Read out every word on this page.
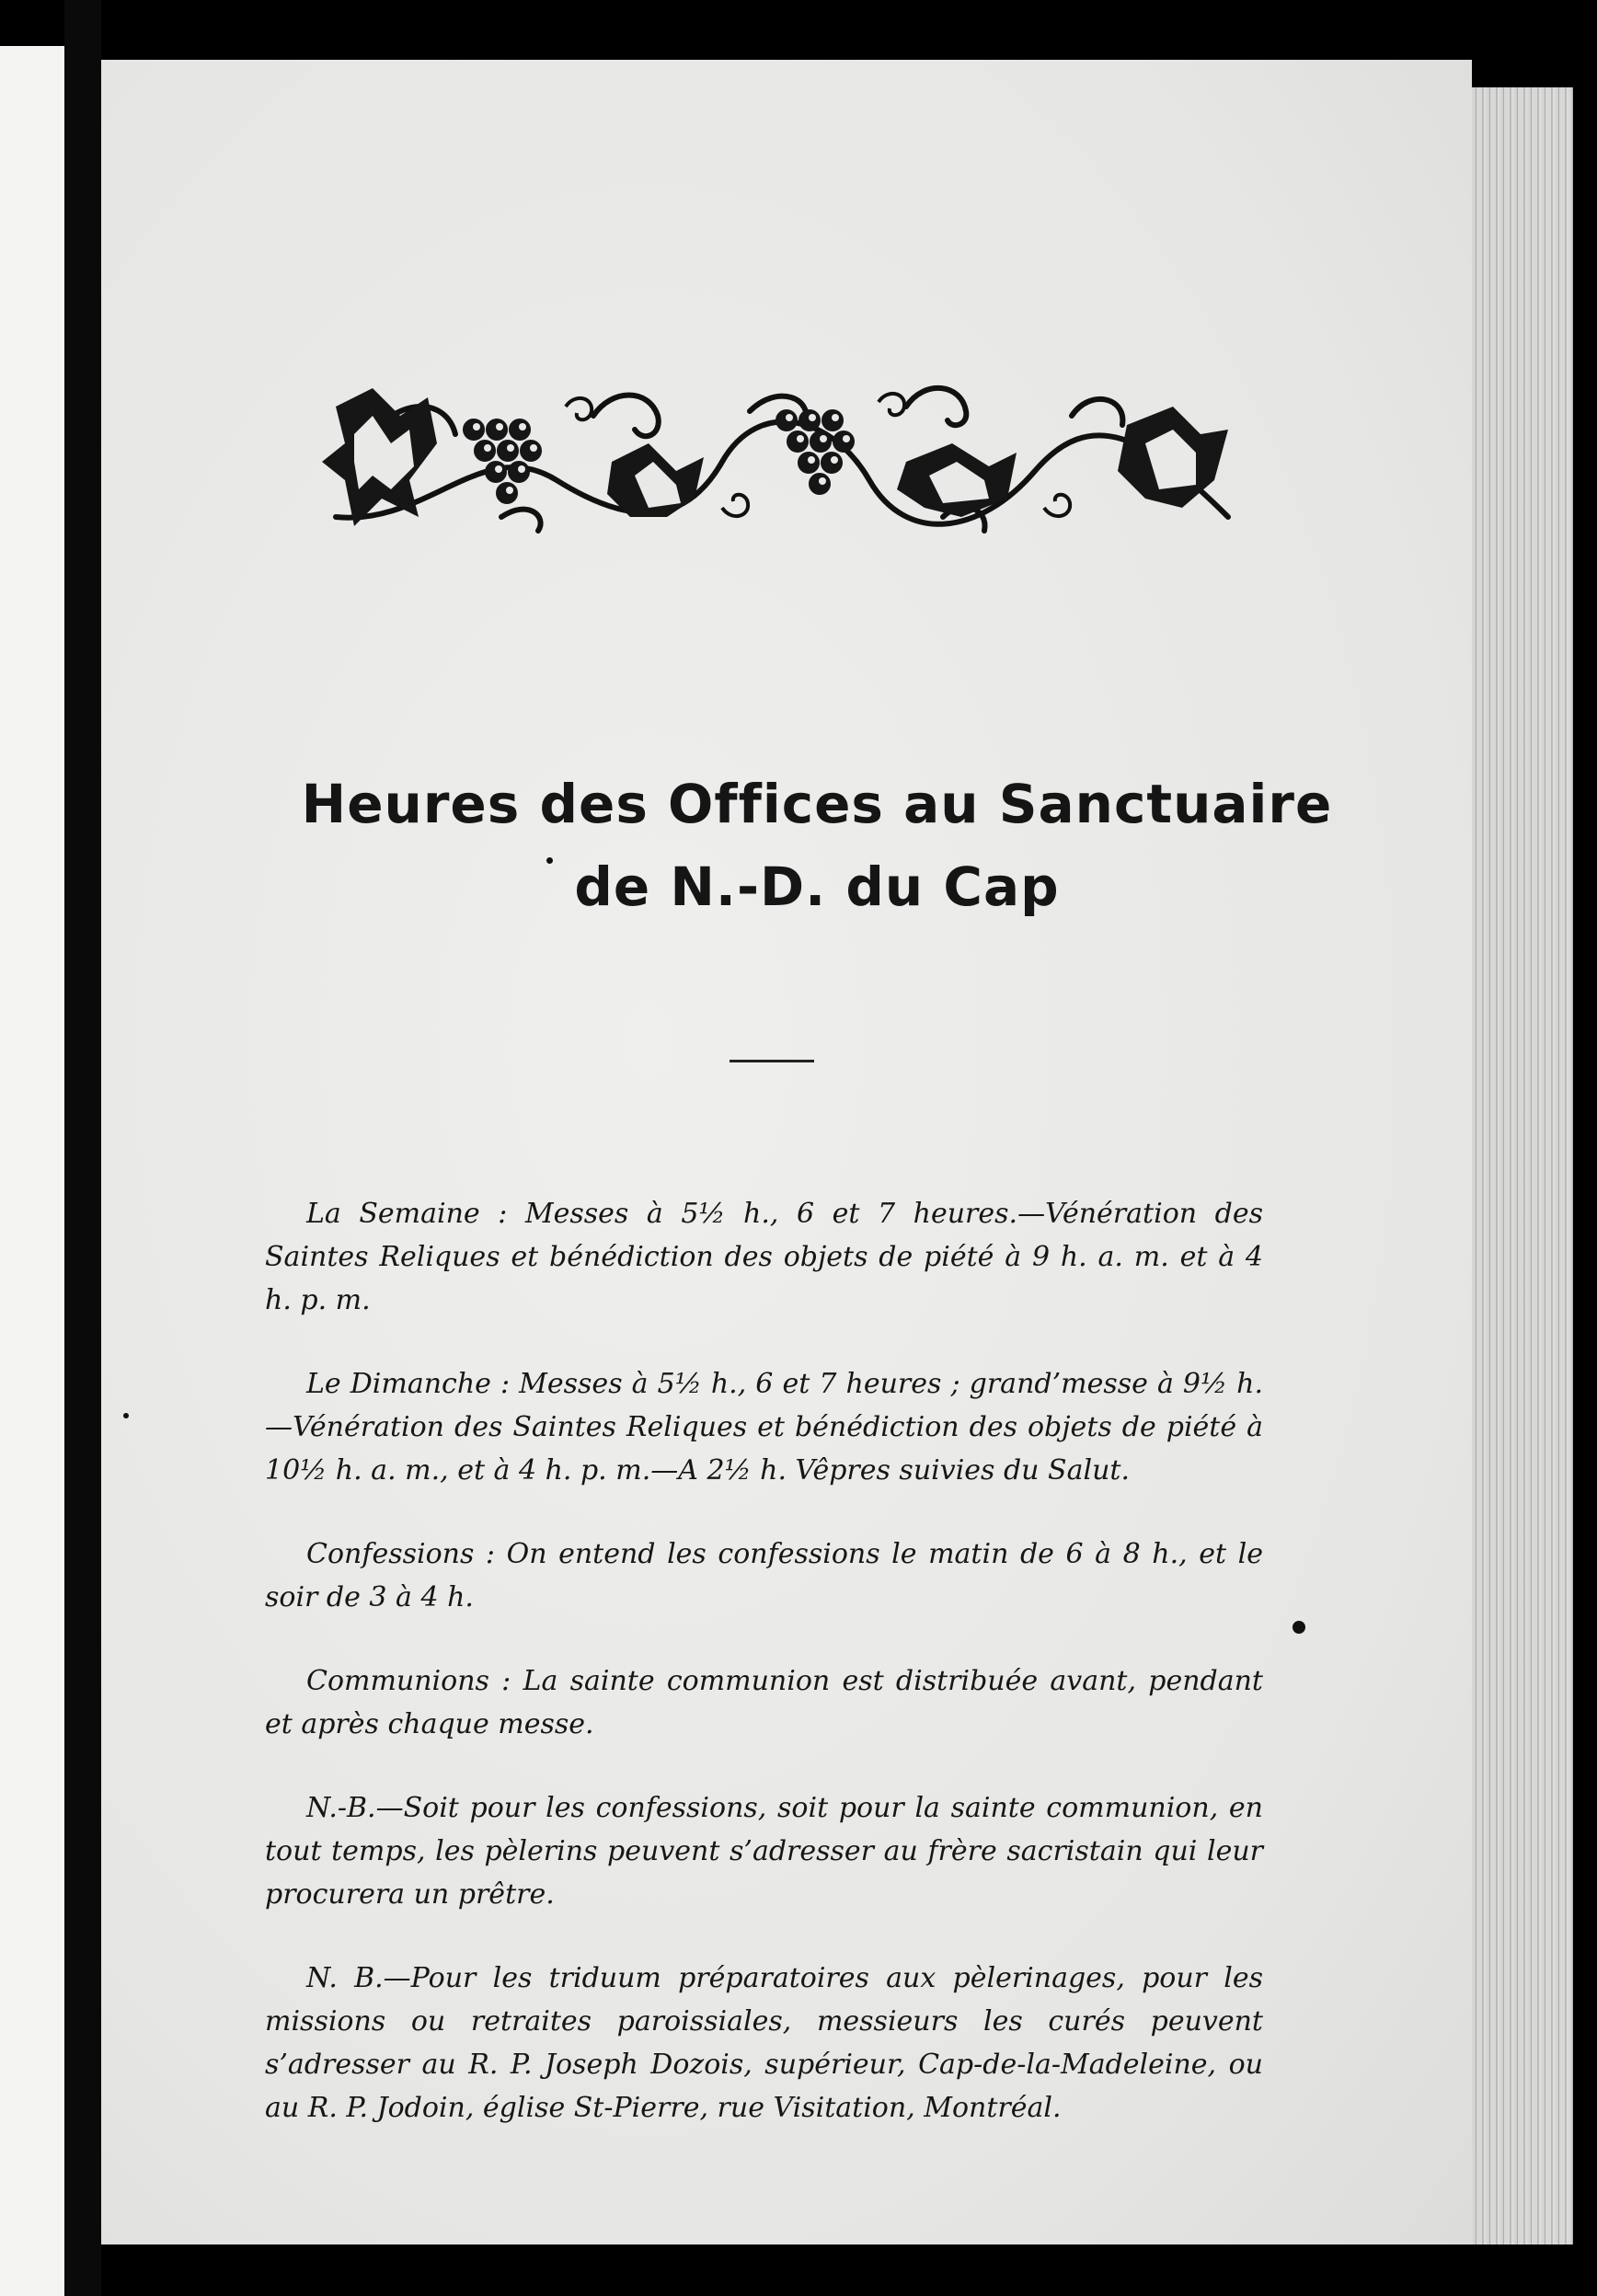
Heures des Offices au Sanctuaire
de N.-D. du Cap

La Semaine : Messes à 5½ h., 6 et 7 heures.—Vénération des Saintes Reliques et bénédiction des objets de piété à 9 h. a. m. et à 4 h. p. m.

Le Dimanche : Messes à 5½ h., 6 et 7 heures ; grand’messe à 9½ h.—Vénération des Saintes Reliques et bénédiction des objets de piété à 10½ h. a. m., et à 4 h. p. m.—A 2½ h. Vêpres suivies du Salut.

Confessions : On entend les confessions le matin de 6 à 8 h., et le soir de 3 à 4 h.

Communions : La sainte communion est distribuée avant, pendant et après chaque messe.

N.-B.—Soit pour les confessions, soit pour la sainte communion, en tout temps, les pèlerins peuvent s’adresser au frère sacristain qui leur procurera un prêtre.

N. B.—Pour les triduum préparatoires aux pèlerinages, pour les missions ou retraites paroissiales, messieurs les curés peuvent s’adresser au R. P. Joseph Dozois, supérieur, Cap-de-la-Madeleine, ou au R. P. Jodoin, église St-Pierre, rue Visitation, Montréal.
